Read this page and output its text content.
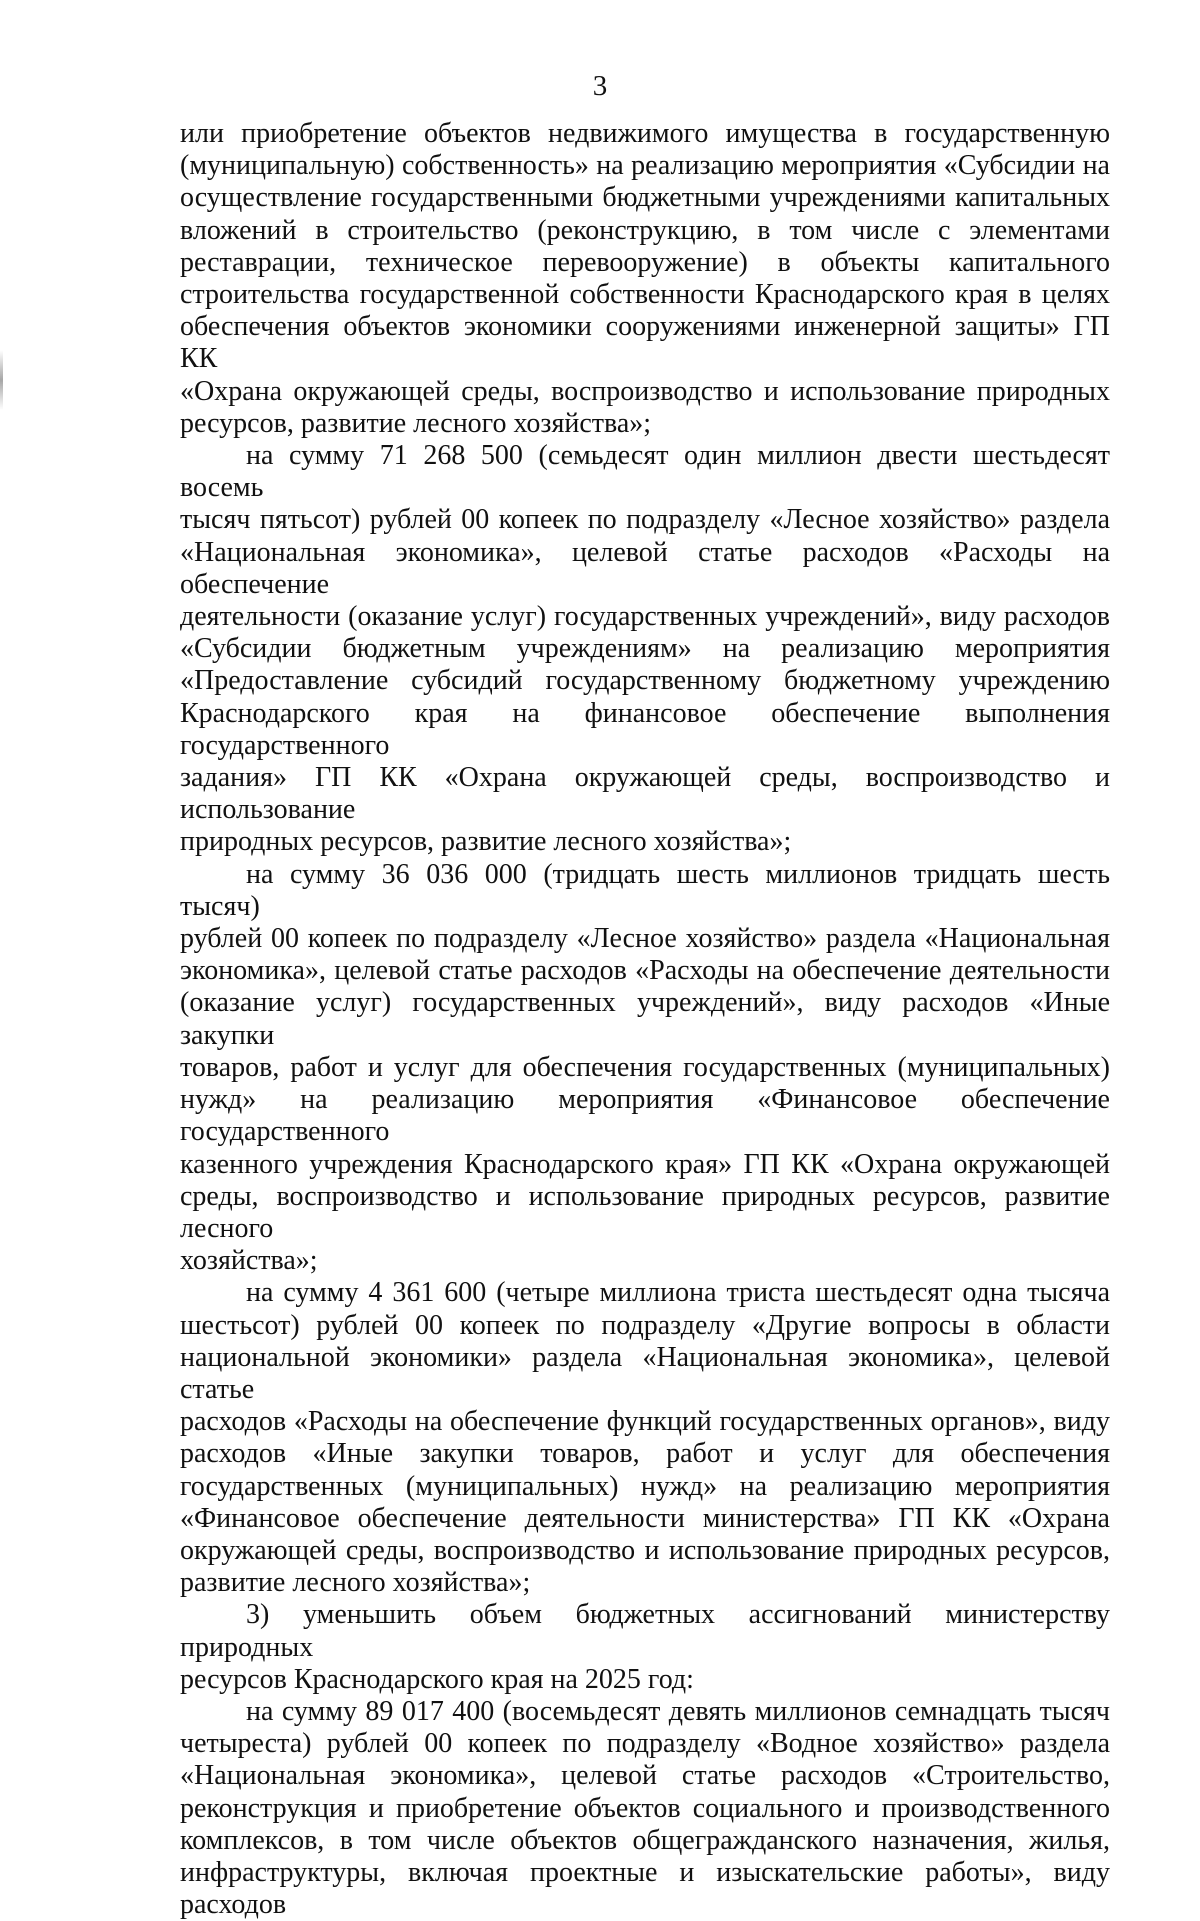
3

или приобретение объектов недвижимого имущества в государственную
(муниципальную) собственность» на реализацию мероприятия «Субсидии на
осуществление государственными бюджетными учреждениями капитальных
вложений в строительство (реконструкцию, в том числе с элементами
реставрации, техническое перевооружение) в объекты капитального
строительства государственной собственности Краснодарского края в целях
обеспечения объектов экономики сооружениями инженерной защиты» ГП КК
«Охрана окружающей среды, воспроизводство и использование природных
ресурсов, развитие лесного хозяйства»;

на сумму 71 268 500 (семьдесят один миллион двести шестьдесят восемь
тысяч пятьсот) рублей 00 копеек по подразделу «Лесное хозяйство» раздела
«Национальная экономика», целевой статье расходов «Расходы на обеспечение
деятельности (оказание услуг) государственных учреждений», виду расходов
«Субсидии бюджетным учреждениям» на реализацию мероприятия
«Предоставление субсидий государственному бюджетному учреждению
Краснодарского края на финансовое обеспечение выполнения государственного
задания» ГП КК «Охрана окружающей среды, воспроизводство и использование
природных ресурсов, развитие лесного хозяйства»;

на сумму 36 036 000 (тридцать шесть миллионов тридцать шесть тысяч)
рублей 00 копеек по подразделу «Лесное хозяйство» раздела «Национальная
экономика», целевой статье расходов «Расходы на обеспечение деятельности
(оказание услуг) государственных учреждений», виду расходов «Иные закупки
товаров, работ и услуг для обеспечения государственных (муниципальных)
нужд» на реализацию мероприятия «Финансовое обеспечение государственного
казенного учреждения Краснодарского края» ГП КК «Охрана окружающей
среды, воспроизводство и использование природных ресурсов, развитие лесного
хозяйства»;

на сумму 4 361 600 (четыре миллиона триста шестьдесят одна тысяча
шестьсот) рублей 00 копеек по подразделу «Другие вопросы в области
национальной экономики» раздела «Национальная экономика», целевой статье
расходов «Расходы на обеспечение функций государственных органов», виду
расходов «Иные закупки товаров, работ и услуг для обеспечения
государственных (муниципальных) нужд» на реализацию мероприятия
«Финансовое обеспечение деятельности министерства» ГП КК «Охрана
окружающей среды, воспроизводство и использование природных ресурсов,
развитие лесного хозяйства»;

3) уменьшить объем бюджетных ассигнований министерству природных
ресурсов Краснодарского края на 2025 год:

на сумму 89 017 400 (восемьдесят девять миллионов семнадцать тысяч
четыреста) рублей 00 копеек по подразделу «Водное хозяйство» раздела
«Национальная экономика», целевой статье расходов «Строительство,
реконструкция и приобретение объектов социального и производственного
комплексов, в том числе объектов общегражданского назначения, жилья,
инфраструктуры, включая проектные и изыскательские работы», виду расходов
